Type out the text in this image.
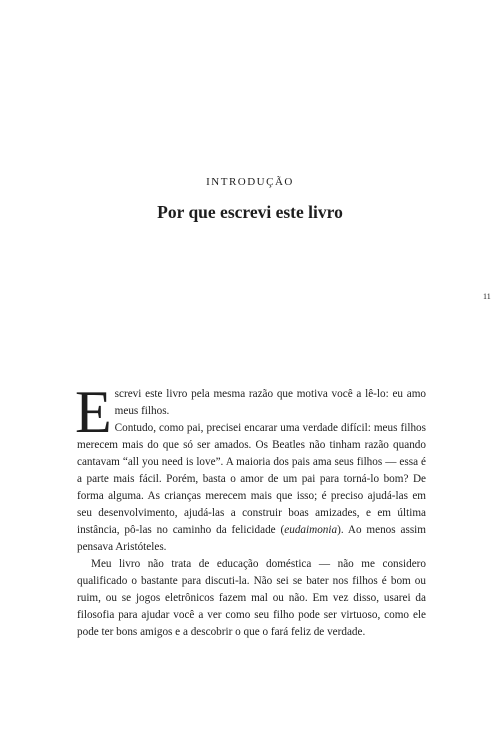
INTRODUÇÃO
Por que escrevi este livro
11

Escrevi este livro pela mesma razão que motiva você a lê-lo: eu amo meus filhos.

Contudo, como pai, precisei encarar uma verdade difícil: meus filhos merecem mais do que só ser amados. Os Beatles não tinham razão quando cantavam “all you need is love”. A maioria dos pais ama seus filhos — essa é a parte mais fácil. Porém, basta o amor de um pai para torná-lo bom? De forma alguma. As crianças merecem mais que isso; é preciso ajudá-las em seu desenvolvimento, ajudá-las a construir boas amizades, e em última instância, pô-las no caminho da felicidade (eudaimonia). Ao menos assim pensava Aristóteles.

Meu livro não trata de educação doméstica — não me considero qualificado o bastante para discuti-la. Não sei se bater nos filhos é bom ou ruim, ou se jogos eletrônicos fazem mal ou não. Em vez disso, usarei da filosofia para ajudar você a ver como seu filho pode ser virtuoso, como ele pode ter bons amigos e a descobrir o que o fará feliz de verdade.
